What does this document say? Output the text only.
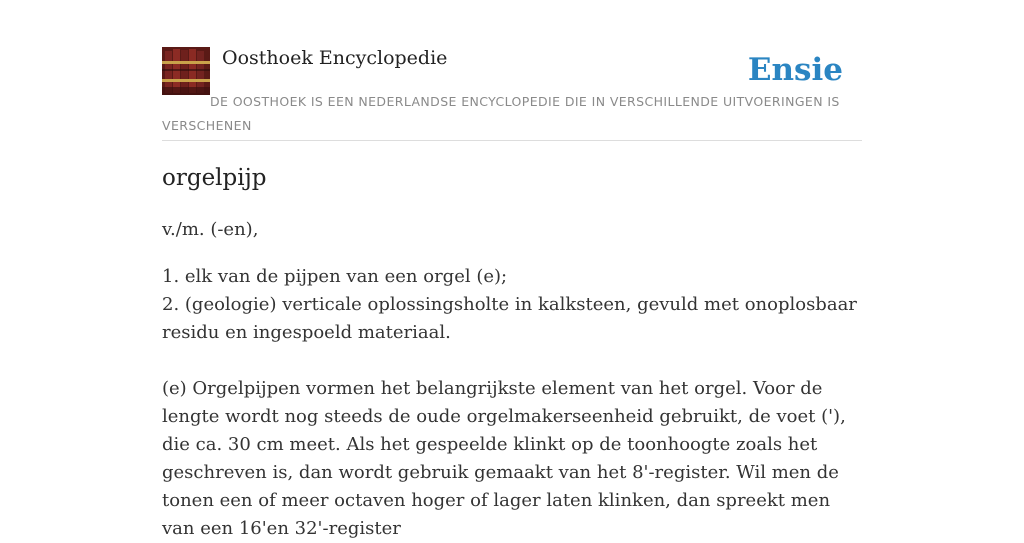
Oosthoek Encyclopedie	Ensie
DE OOSTHOEK IS EEN NEDERLANDSE ENCYCLOPEDIE DIE IN VERSCHILLENDE UITVOERINGEN IS VERSCHENEN
orgelpijp
v./m. (-en),
1. elk van de pijpen van een orgel (e);
2. (geologie) verticale oplossingsholte in kalksteen, gevuld met onoplosbaar residu en ingespoeld materiaal.
(e) Orgelpijpen vormen het belangrijkste element van het orgel. Voor de lengte wordt nog steeds de oude orgelmakerseenheid gebruikt, de voet ('), die ca. 30 cm meet. Als het gespeelde klinkt op de toonhoogte zoals het geschreven is, dan wordt gebruik gemaakt van het 8'-register. Wil men de tonen een of meer octaven hoger of lager laten klinken, dan spreekt men van een 16'en 32'-register
